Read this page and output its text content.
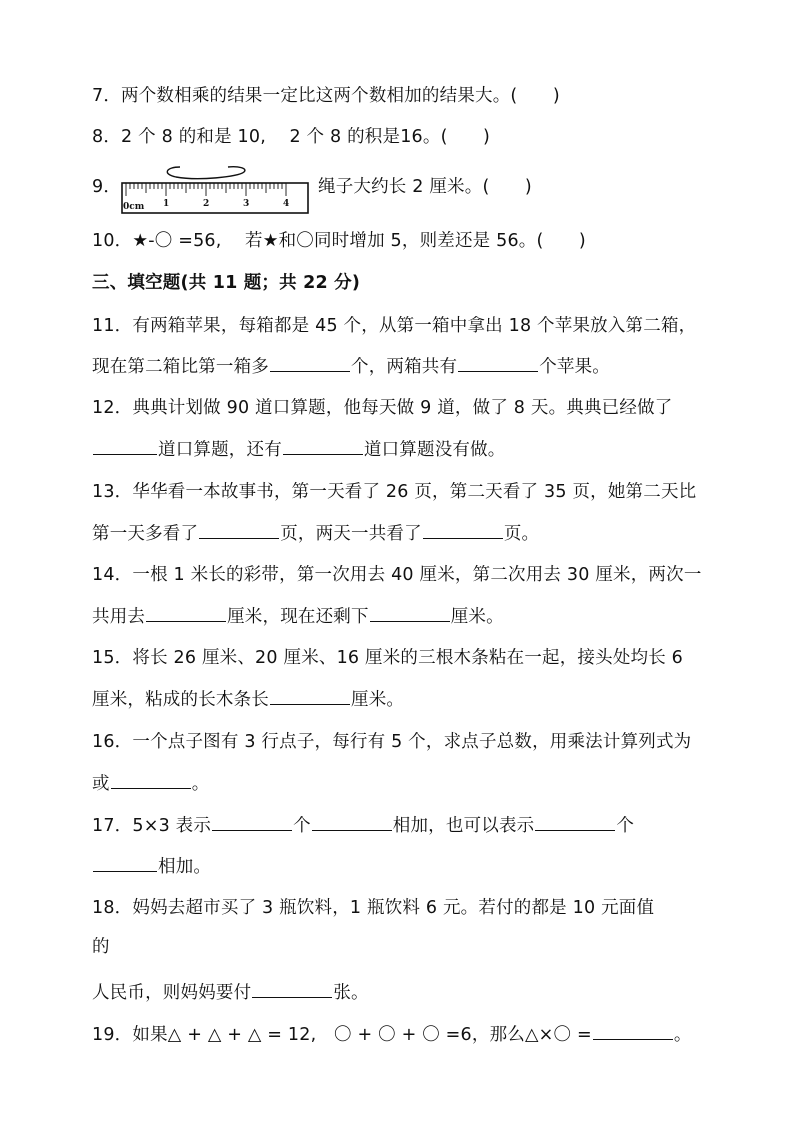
7．两个数相乘的结果一定比这两个数相加的结果大。(　　)
8．2 个 8 的和是 10,　 2 个 8 的积是16。(　　)
9．
0cm 1	2	3	4
绳子大约长 2 厘米。(　　)
10．★-〇 =56,　 若★和〇同时增加 5，则差还是 56。(　　)
三、填空题(共 11 题；共 22 分)
11．有两箱苹果，每箱都是 45 个，从第一箱中拿出 18 个苹果放入第二箱，
现在第二箱比第一箱多	个，两箱共有	个苹果。
12．典典计划做 90 道口算题，他每天做 9 道，做了 8 天。典典已经做了
道口算题，还有	道口算题没有做。
13．华华看一本故事书，第一天看了 26 页，第二天看了 35 页，她第二天比
第一天多看了	页，两天一共看了	页。
14．一根 1 米长的彩带，第一次用去 40 厘米，第二次用去 30 厘米，两次一
共用去	厘米，现在还剩下	厘米。
15．将长 26 厘米、20 厘米、16 厘米的三根木条粘在一起，接头处均长 6
厘米，粘成的长木条长	厘米。
16．一个点子图有 3 行点子，每行有 5 个，求点子总数，用乘法计算列式为
或	。
17．5×3 表示	个	相加，也可以表示	个
相加。
18．妈妈去超市买了 3 瓶饮料，1 瓶饮料 6 元。若付的都是 10 元面值
的
人民币，则妈妈要付	张。
19．如果△ + △ + △ = 12,　〇 + 〇 + 〇 =6，那么△×〇 =	。
